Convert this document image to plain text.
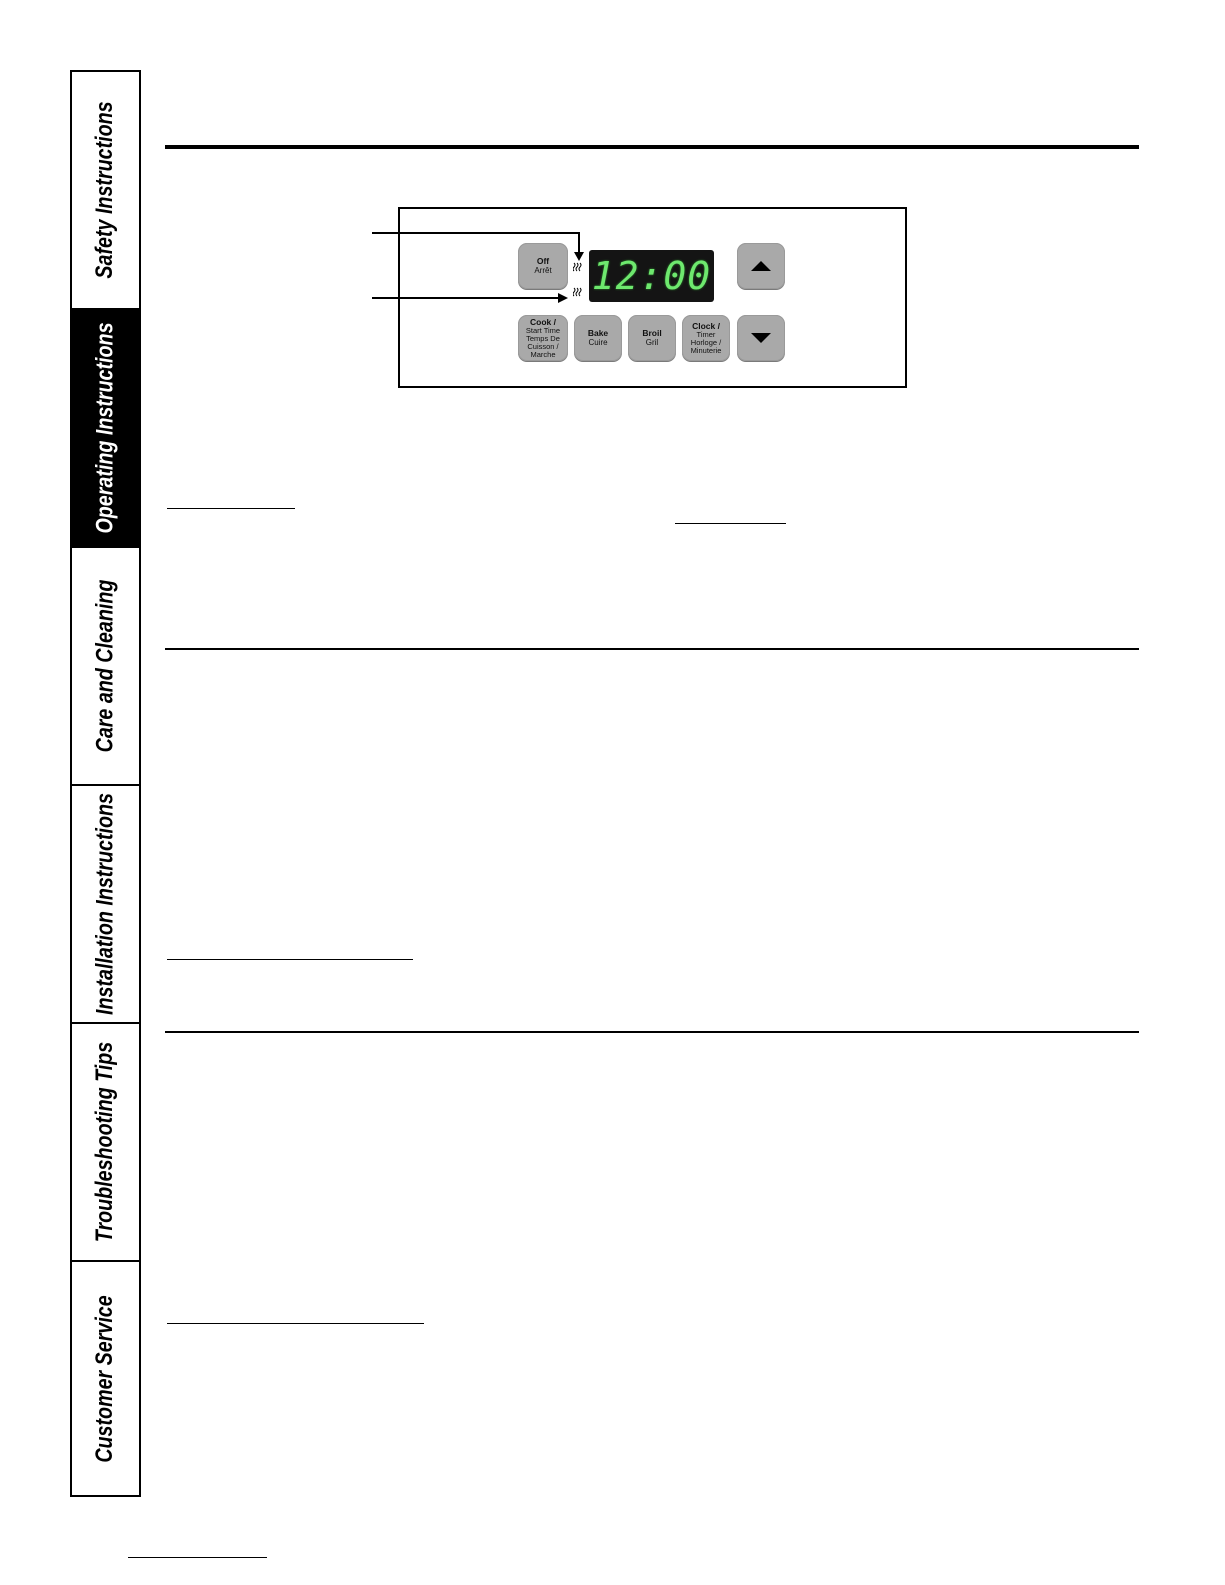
Safety Instructions
Operating Instructions
Care and Cleaning
Installation Instructions
Troubleshooting Tips
Customer Service
Off
Arrêt 12:00
Cook /
Start Time
Temps De
Cuisson /
Marche
Bake
Cuire
Broil
Gril
Clock /
Timer
Horloge /
Minuterie
